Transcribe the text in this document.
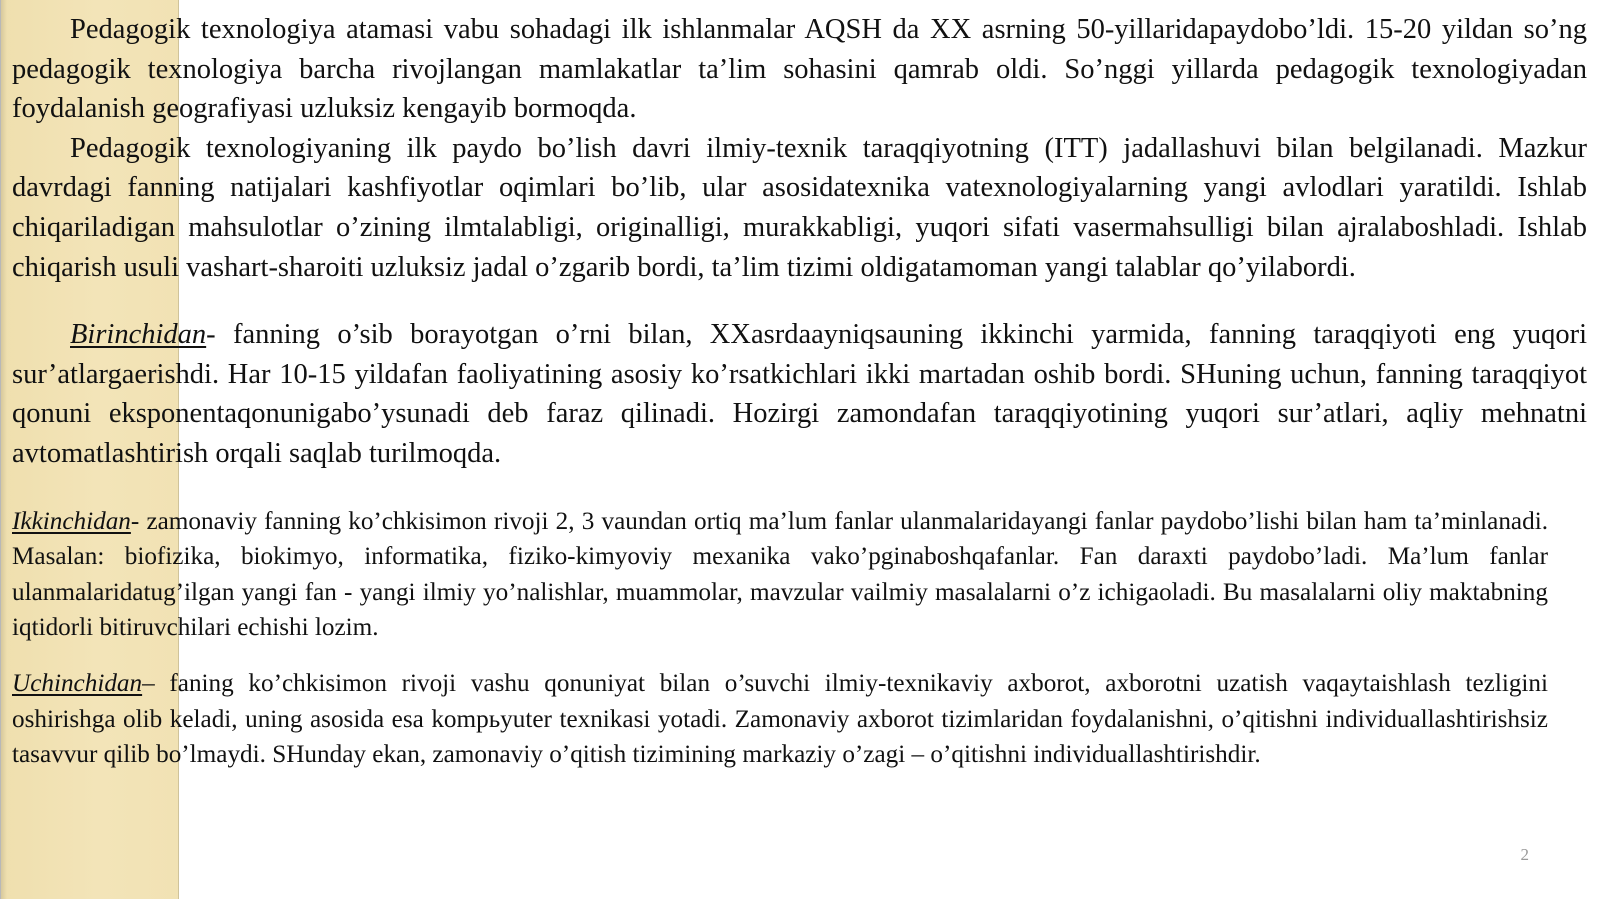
Pedagogik texnologiya atamasi vabu sohadagi ilk ishlanmalar AQSH da XX asrning 50-yillaridapaydobo’ldi. 15-20 yildan so’ng pedagogik texnologiya barcha rivojlangan mamlakatlar ta’lim sohasini qamrab oldi. So’nggi yillarda pedagogik texnologiyadan foydalanish geografiyasi uzluksiz kengayib bormoqda.

Pedagogik texnologiyaning ilk paydo bo’lish davri ilmiy-texnik taraqqiyotning (ITT) jadallashuvi bilan belgilanadi. Mazkur davrdagi fanning natijalari kashfiyotlar oqimlari bo’lib, ular asosidatexnika vatexnologiyalarning yangi avlodlari yaratildi. Ishlab chiqariladigan mahsulotlar o’zining ilmtalabligi, originalligi, murakkabligi, yuqori sifati vasermahsulligi bilan ajralaboshladi. Ishlab chiqarish usuli vashart-sharoiti uzluksiz jadal o’zgarib bordi, ta’lim tizimi oldigatamoman yangi talablar qo’yilabordi.

Birinchidan- fanning o’sib borayotgan o’rni bilan, XXasrdaayniqsauning ikkinchi yarmida, fanning taraqqiyoti eng yuqori sur’atlargaerishdi. Har 10-15 yildafan faoliyatining asosiy ko’rsatkichlari ikki martadan oshib bordi. SHuning uchun, fanning taraqqiyot qonuni eksponentaqonunigabo’ysunadi deb faraz qilinadi. Hozirgi zamondafan taraqqiyotining yuqori sur’atlari, aqliy mehnatni avtomatlashtirish orqali saqlab turilmoqda.

Ikkinchidan- zamonaviy fanning ko’chkisimon rivoji 2, 3 vaundan ortiq ma’lum fanlar ulanmalaridayangi fanlar paydobo’lishi bilan ham ta’minlanadi. Masalan: biofizika, biokimyo, informatika, fiziko-kimyoviy mexanika vako’pginaboshqafanlar. Fan daraxti paydobo’ladi. Ma’lum fanlar ulanmalaridatug’ilgan yangi fan - yangi ilmiy yo’nalishlar, muammolar, mavzular vailmiy masalalarni o’z ichigaoladi. Bu masalalarni oliy maktabning iqtidorli bitiruvchilari echishi lozim.

Uchinchidan– faning ko’chkisimon rivoji vashu qonuniyat bilan o’suvchi ilmiy-texnikaviy axborot, axborotni uzatish vaqaytaishlash tezligini oshirishga olib keladi, uning asosida esa kompьyuter texnikasi yotadi. Zamonaviy axborot tizimlaridan foydalanishni, o’qitishni individuallashtirishsiz tasavvur qilib bo’lmaydi. SHunday ekan, zamonaviy o’qitish tizimining markaziy o’zagi – o’qitishni individuallashtirishdir.

2
